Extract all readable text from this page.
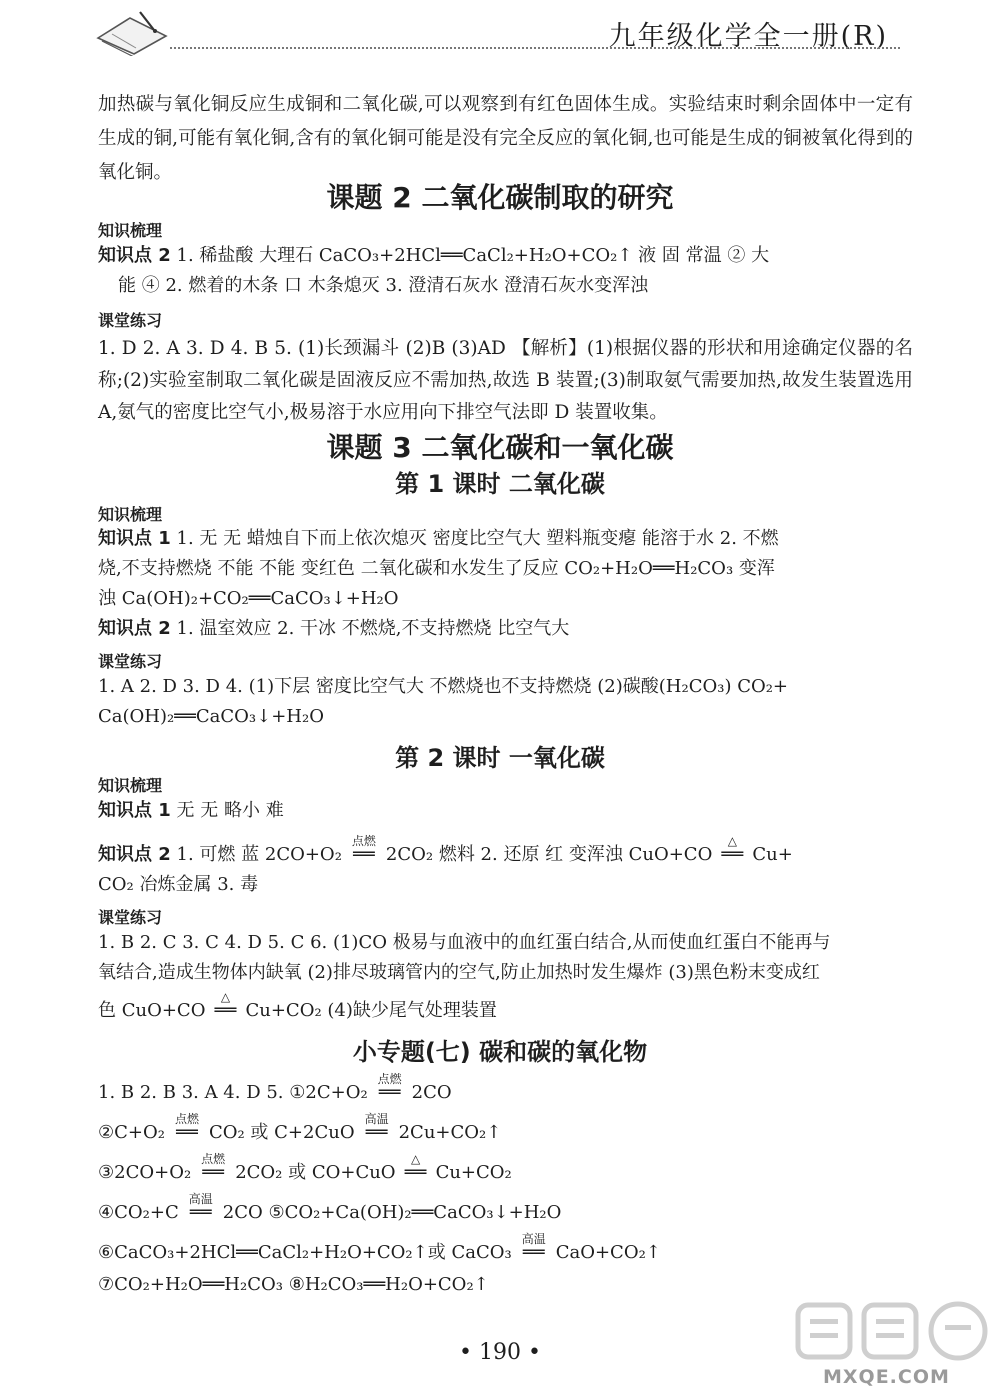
九年级化学全一册(R)
加热碳与氧化铜反应生成铜和二氧化碳,可以观察到有红色固体生成。实验结束时剩余固体中一定有生成的铜,可能有氧化铜,含有的氧化铜可能是没有完全反应的氧化铜,也可能是生成的铜被氧化得到的氧化铜。
课题 2 二氧化碳制取的研究
知识梳理
知识点 2 1. 稀盐酸 大理石 CaCO₃+2HCl══CaCl₂+H₂O+CO₂↑ 液 固 常温 ② 大
能 ④ 2. 燃着的木条 口 木条熄灭 3. 澄清石灰水 澄清石灰水变浑浊
课堂练习
1. D 2. A 3. D 4. B 5. (1)长颈漏斗 (2)B (3)AD 【解析】(1)根据仪器的形状和用途确定仪器的名称;(2)实验室制取二氧化碳是固液反应不需加热,故选 B 装置;(3)制取氨气需要加热,故发生装置选用 A,氨气的密度比空气小,极易溶于水应用向下排空气法即 D 装置收集。
课题 3 二氧化碳和一氧化碳
第 1 课时 二氧化碳
知识梳理
知识点 1 1. 无 无 蜡烛自下而上依次熄灭 密度比空气大 塑料瓶变瘪 能溶于水 2. 不燃
烧,不支持燃烧 不能 不能 变红色 二氧化碳和水发生了反应 CO₂+H₂O══H₂CO₃ 变浑
浊 Ca(OH)₂+CO₂══CaCO₃↓+H₂O
知识点 2 1. 温室效应 2. 干冰 不燃烧,不支持燃烧 比空气大
课堂练习
1. A 2. D 3. D 4. (1)下层 密度比空气大 不燃烧也不支持燃烧 (2)碳酸(H₂CO₃) CO₂+
Ca(OH)₂══CaCO₃↓+H₂O
第 2 课时 一氧化碳
知识梳理
知识点 1 无 无 略小 难
知识点 2 1. 可燃 蓝 2CO+O₂
点燃
══ 2CO₂ 燃料 2. 还原 红 变浑浊 CuO+CO
△
══ Cu+
CO₂ 冶炼金属 3. 毒
课堂练习
1. B 2. C 3. C 4. D 5. C 6. (1)CO 极易与血液中的血红蛋白结合,从而使血红蛋白不能再与
氧结合,造成生物体内缺氧 (2)排尽玻璃管内的空气,防止加热时发生爆炸 (3)黑色粉末变成红
色 CuO+CO
△
══ Cu+CO₂ (4)缺少尾气处理装置
小专题(七) 碳和碳的氧化物
1. B 2. B 3. A 4. D 5. ①2C+O₂
点燃
══ 2CO
②C+O₂
点燃
══ CO₂ 或 C+2CuO
高温
══ 2Cu+CO₂↑
③2CO+O₂
点燃
══ 2CO₂ 或 CO+CuO
△
══ Cu+CO₂
④CO₂+C
高温
══ 2CO ⑤CO₂+Ca(OH)₂══CaCO₃↓+H₂O
⑥CaCO₃+2HCl══CaCl₂+H₂O+CO₂↑或 CaCO₃
高温
══ CaO+CO₂↑
⑦CO₂+H₂O══H₂CO₃ ⑧H₂CO₃══H₂O+CO₂↑
• 190 •
MXQE.COM
